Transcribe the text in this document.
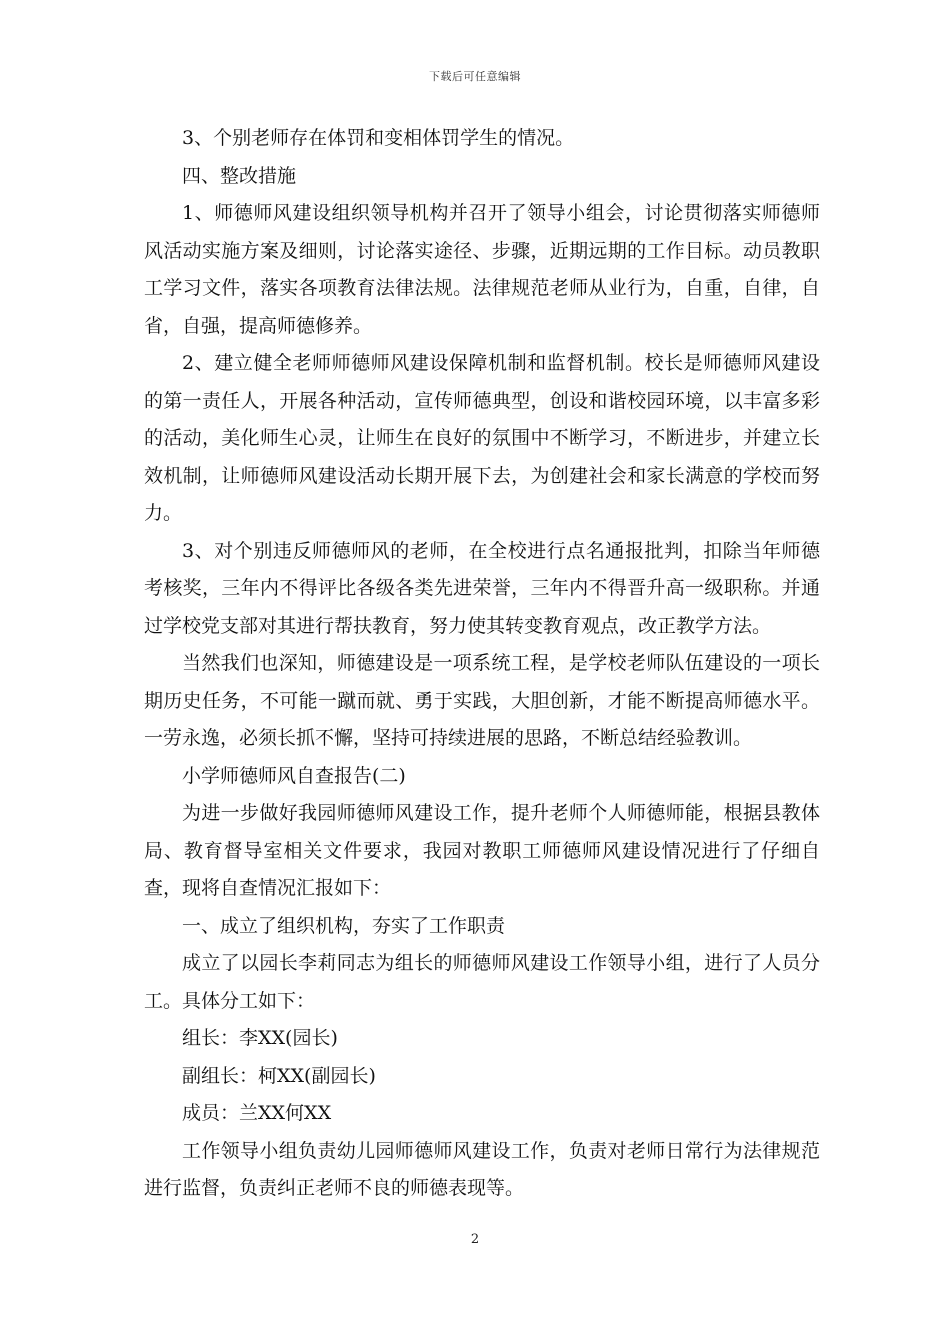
下载后可任意编辑

3、个别老师存在体罚和变相体罚学生的情况。

四、整改措施

1、师德师风建设组织领导机构并召开了领导小组会，讨论贯彻落实师德师风活动实施方案及细则，讨论落实途径、步骤，近期远期的工作目标。动员教职工学习文件，落实各项教育法律法规。法律规范老师从业行为，自重，自律，自省，自强，提高师德修养。

2、建立健全老师师德师风建设保障机制和监督机制。校长是师德师风建设的第一责任人，开展各种活动，宣传师德典型，创设和谐校园环境，以丰富多彩的活动，美化师生心灵，让师生在良好的氛围中不断学习，不断进步，并建立长效机制，让师德师风建设活动长期开展下去，为创建社会和家长满意的学校而努力。

3、对个别违反师德师风的老师，在全校进行点名通报批判，扣除当年师德考核奖，三年内不得评比各级各类先进荣誉，三年内不得晋升高一级职称。并通过学校党支部对其进行帮扶教育，努力使其转变教育观点，改正教学方法。

当然我们也深知，师德建设是一项系统工程，是学校老师队伍建设的一项长期历史任务，不可能一蹴而就、勇于实践，大胆创新，才能不断提高师德水平。一劳永逸，必须长抓不懈，坚持可持续进展的思路，不断总结经验教训。

小学师德师风自查报告(二)

为进一步做好我园师德师风建设工作，提升老师个人师德师能，根据县教体局、教育督导室相关文件要求，我园对教职工师德师风建设情况进行了仔细自查，现将自查情况汇报如下：

一、成立了组织机构，夯实了工作职责

成立了以园长李莉同志为组长的师德师风建设工作领导小组，进行了人员分工。具体分工如下：

组长：李XX(园长)

副组长：柯XX(副园长)

成员：兰XX何XX

工作领导小组负责幼儿园师德师风建设工作，负责对老师日常行为法律规范进行监督，负责纠正老师不良的师德表现等。

2
